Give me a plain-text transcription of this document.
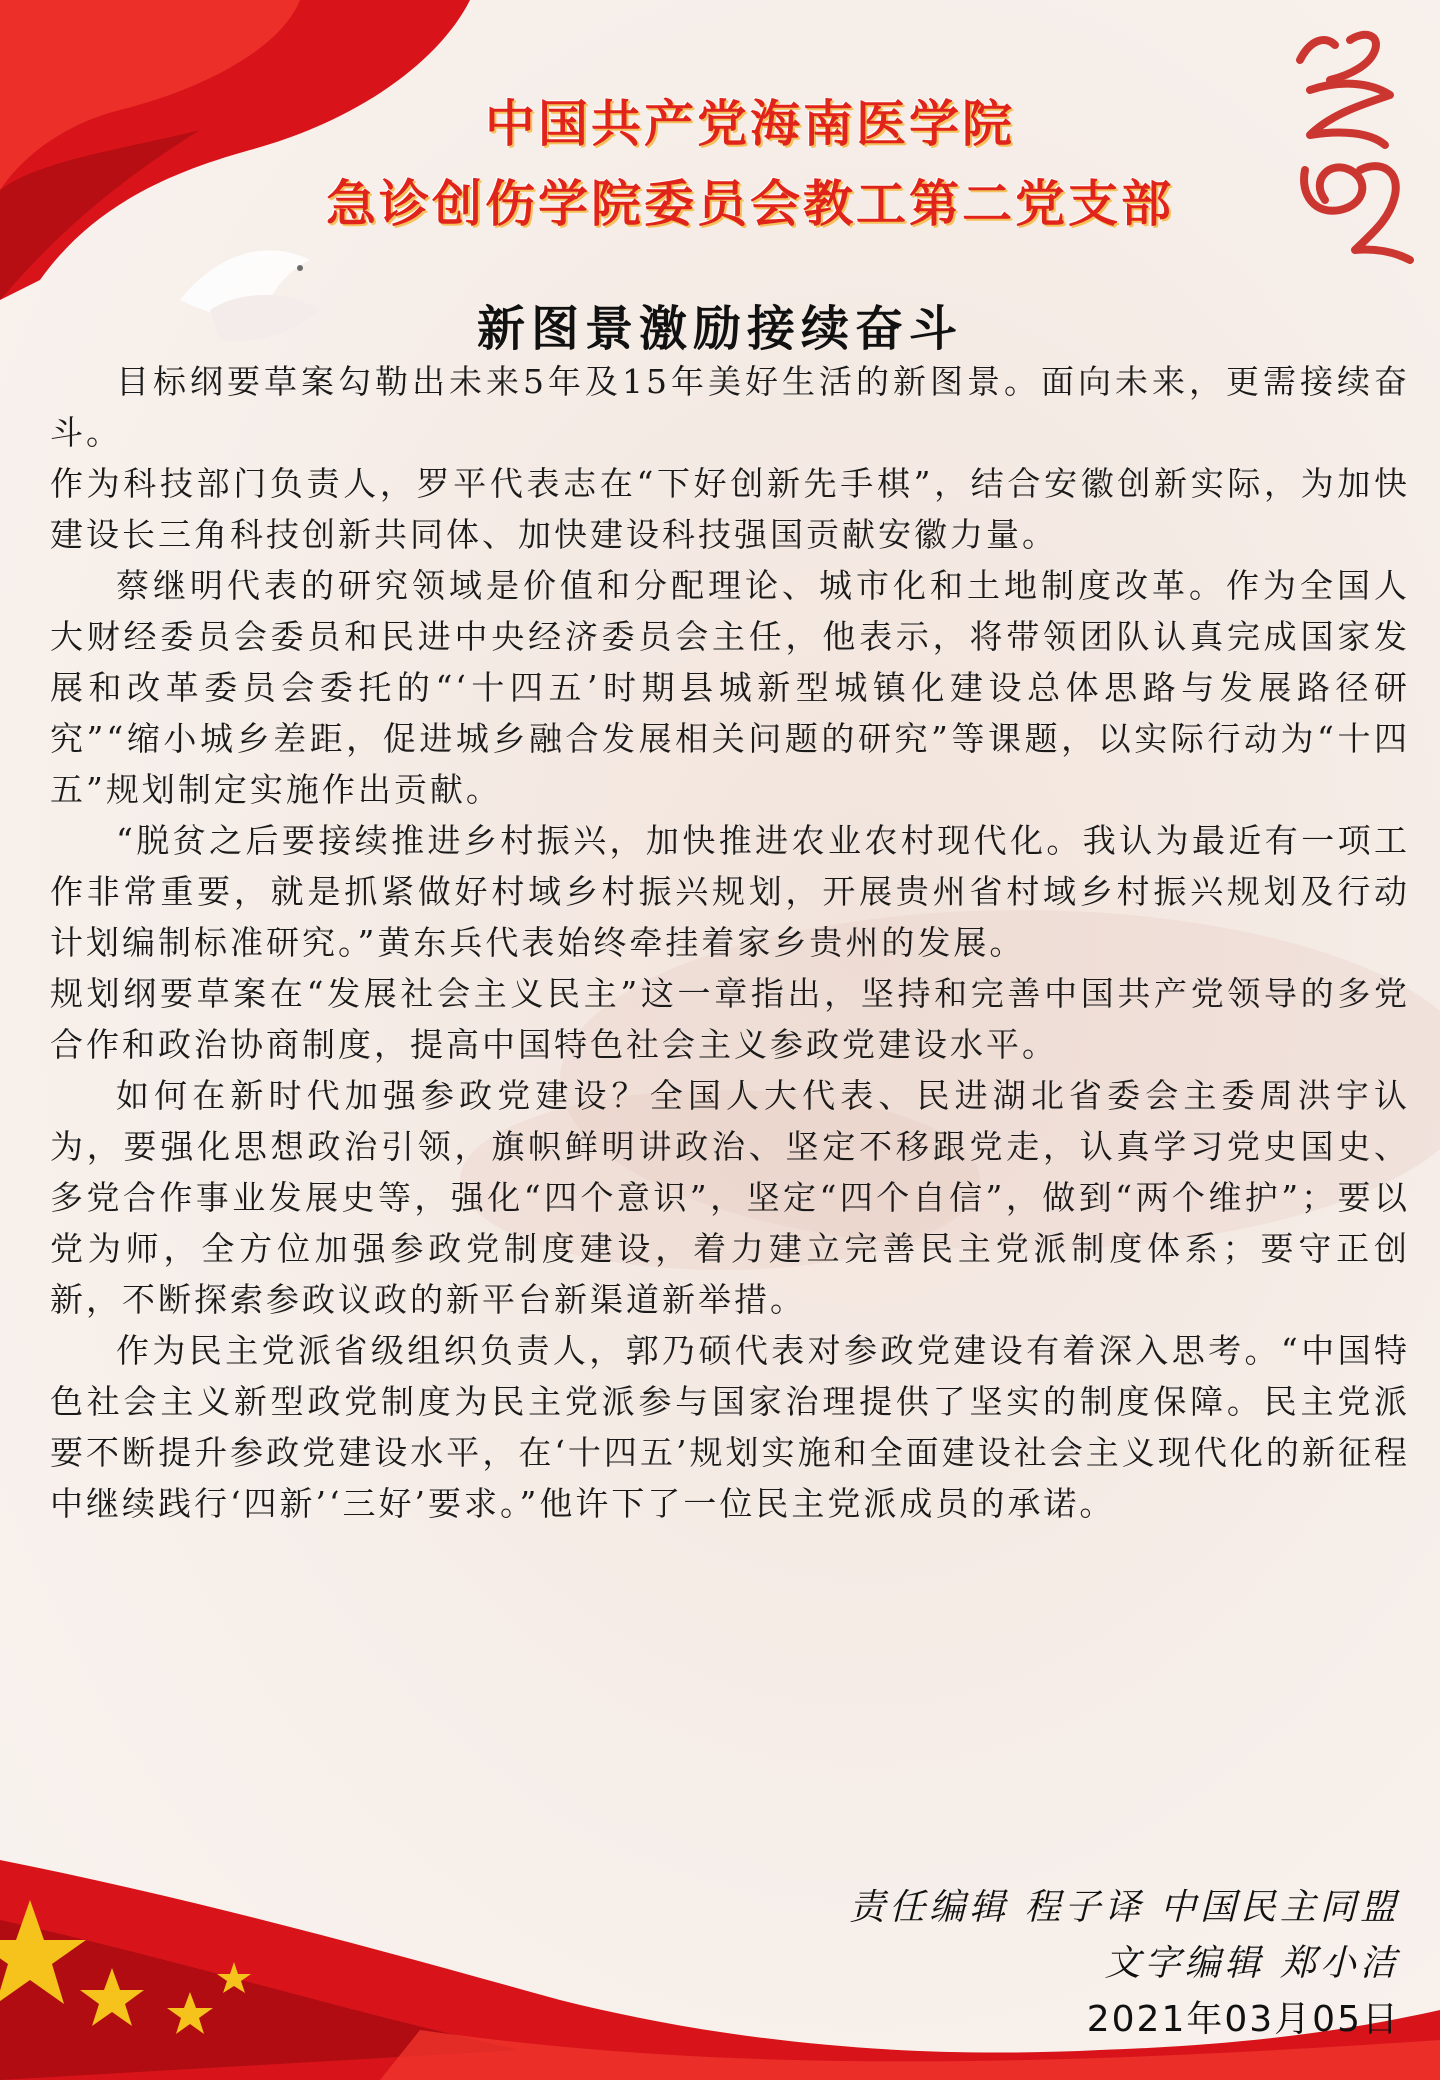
中国共产党海南医学院
急诊创伤学院委员会教工第二党支部
新图景激励接续奋斗

目标纲要草案勾勒出未来5年及15年美好生活的新图景。面向未来，更需接续奋斗。

作为科技部门负责人，罗平代表志在“下好创新先手棋”，结合安徽创新实际，为加快建设长三角科技创新共同体、加快建设科技强国贡献安徽力量。

蔡继明代表的研究领域是价值和分配理论、城市化和土地制度改革。作为全国人大财经委员会委员和民进中央经济委员会主任，他表示，将带领团队认真完成国家发展和改革委员会委托的“‘十四五’时期县城新型城镇化建设总体思路与发展路径研究”“缩小城乡差距，促进城乡融合发展相关问题的研究”等课题，以实际行动为“十四五”规划制定实施作出贡献。

“脱贫之后要接续推进乡村振兴，加快推进农业农村现代化。我认为最近有一项工作非常重要，就是抓紧做好村域乡村振兴规划，开展贵州省村域乡村振兴规划及行动计划编制标准研究。”黄东兵代表始终牵挂着家乡贵州的发展。

规划纲要草案在“发展社会主义民主”这一章指出，坚持和完善中国共产党领导的多党合作和政治协商制度，提高中国特色社会主义参政党建设水平。

如何在新时代加强参政党建设？全国人大代表、民进湖北省委会主委周洪宇认为，要强化思想政治引领，旗帜鲜明讲政治、坚定不移跟党走，认真学习党史国史、多党合作事业发展史等，强化“四个意识”，坚定“四个自信”，做到“两个维护”；要以党为师，全方位加强参政党制度建设，着力建立完善民主党派制度体系；要守正创新，不断探索参政议政的新平台新渠道新举措。

作为民主党派省级组织负责人，郭乃硕代表对参政党建设有着深入思考。“中国特色社会主义新型政党制度为民主党派参与国家治理提供了坚实的制度保障。民主党派要不断提升参政党建设水平，在‘十四五’规划实施和全面建设社会主义现代化的新征程中继续践行‘四新’‘三好’要求。”他许下了一位民主党派成员的承诺。

责任编辑 程子译 中国民主同盟
文字编辑 郑小洁
2021年03月05日
